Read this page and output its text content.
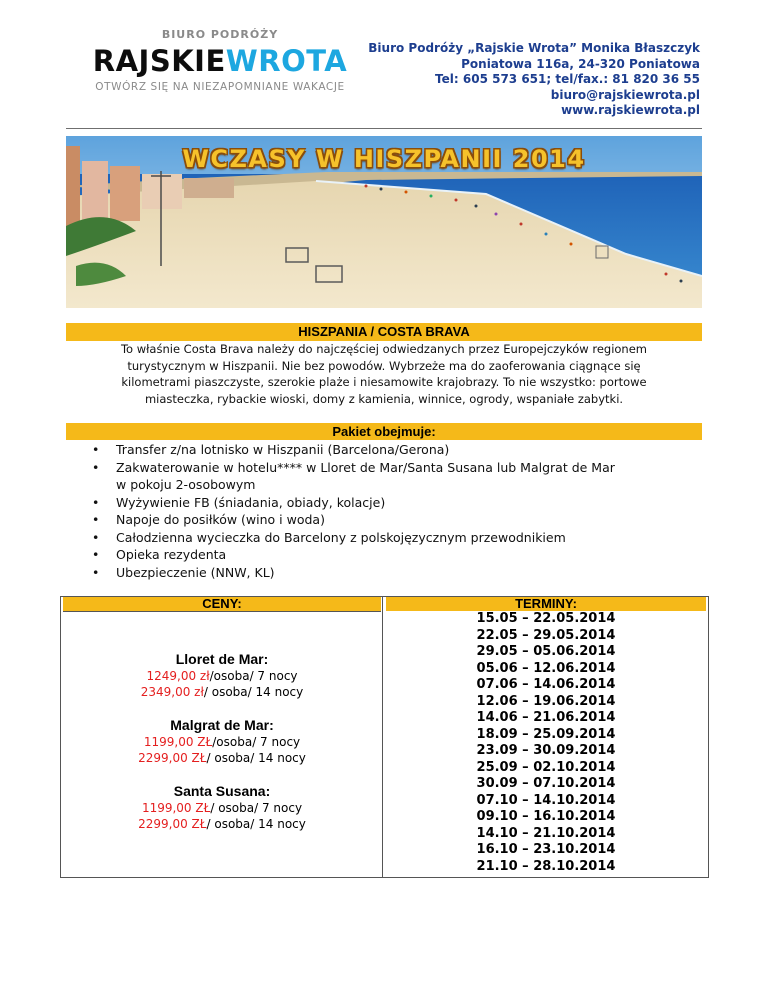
BIURO PODRÓŻY
RAJSKIEWROTA
OTWÓRZ SIĘ NA NIEZAPOMNIANE WAKACJE
Biuro Podróży „Rajskie Wrota” Monika Błaszczyk
Poniatowa 116a, 24-320 Poniatowa
Tel: 605 573 651; tel/fax.: 81 820 36 55
biuro@rajskiewrota.pl
www.rajskiewrota.pl
WCZASY W HISZPANII 2014
HISZPANIA / COSTA BRAVA
To właśnie Costa Brava należy do najczęściej odwiedzanych przez Europejczyków regionem
turystycznym w Hiszpanii. Nie bez powodów. Wybrzeże ma do zaoferowania ciągnące się
kilometrami piaszczyste, szerokie plaże i niesamowite krajobrazy. To nie wszystko: portowe
miasteczka, rybackie wioski, domy z kamienia, winnice, ogrody, wspaniałe zabytki.
Pakiet obejmuje:
• Transfer z/na lotnisko w Hiszpanii (Barcelona/Gerona)
• Zakwaterowanie w hotelu**** w Lloret de Mar/Santa Susana lub Malgrat de Mar
w pokoju 2-osobowym
• Wyżywienie FB (śniadania, obiady, kolacje)
• Napoje do posiłków (wino i woda)
• Całodzienna wycieczka do Barcelony z polskojęzycznym przewodnikiem
• Opieka rezydenta
• Ubezpieczenie (NNW, KL)
CENY:	TERMINY:
Lloret de Mar:
1249,00 zł/osoba/ 7 nocy
2349,00 zł/ osoba/ 14 nocy
Malgrat de Mar:
1199,00 ZŁ/osoba/ 7 nocy
2299,00 ZŁ/ osoba/ 14 nocy
Santa Susana:
1199,00 ZŁ/ osoba/ 7 nocy
2299,00 ZŁ/ osoba/ 14 nocy
15.05 – 22.05.2014
22.05 – 29.05.2014
29.05 – 05.06.2014
05.06 – 12.06.2014
07.06 – 14.06.2014
12.06 – 19.06.2014
14.06 – 21.06.2014
18.09 – 25.09.2014
23.09 – 30.09.2014
25.09 – 02.10.2014
30.09 – 07.10.2014
07.10 – 14.10.2014
09.10 – 16.10.2014
14.10 – 21.10.2014
16.10 – 23.10.2014
21.10 – 28.10.2014
